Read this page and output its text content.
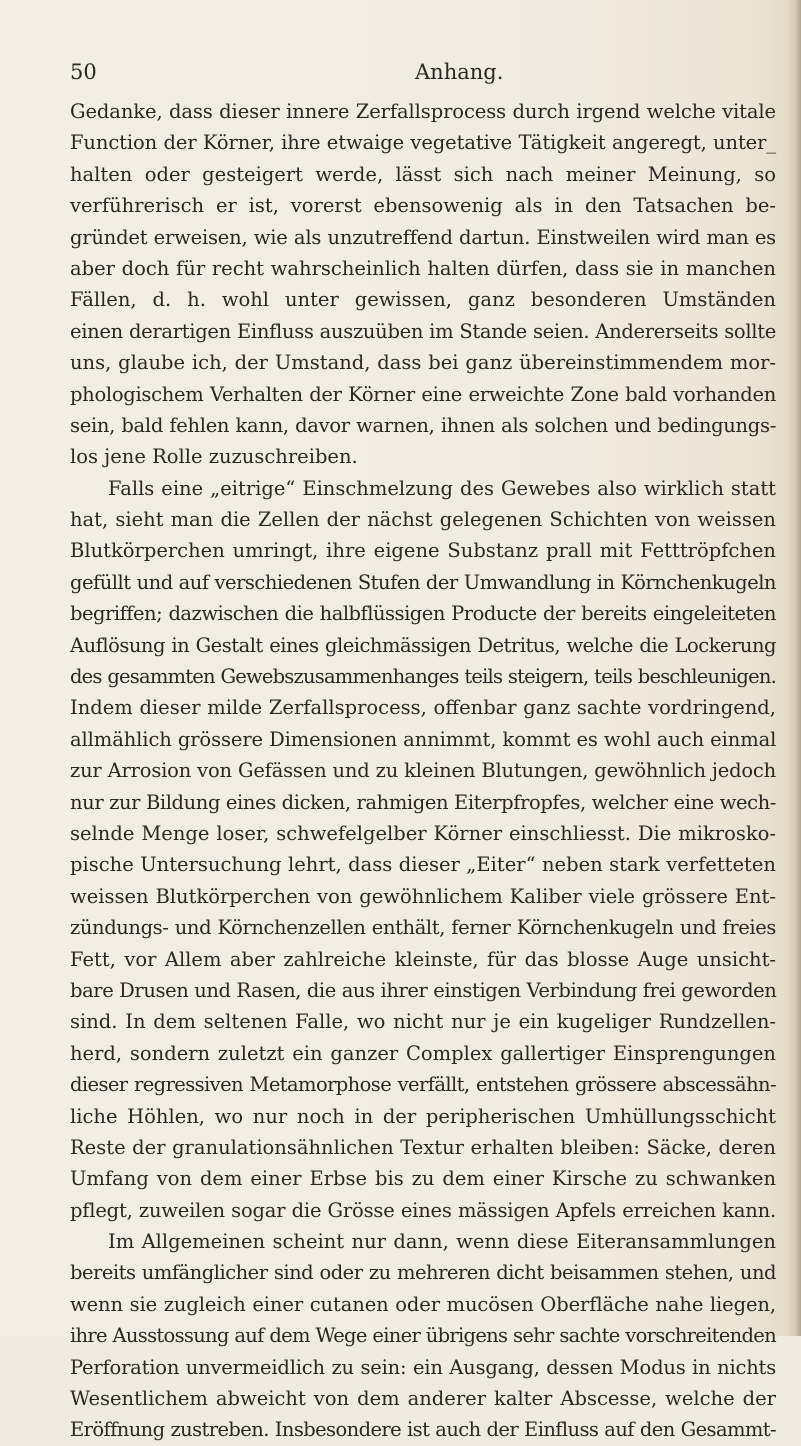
50	Anhang.
Gedanke, dass dieser innere Zerfallsprocess durch irgend welche vitale
Function der Körner, ihre etwaige vegetative Tätigkeit angeregt, unter_
halten oder gesteigert werde, lässt sich nach meiner Meinung, so
verführerisch er ist, vorerst ebensowenig als in den Tatsachen be-
gründet erweisen, wie als unzutreffend dartun. Einstweilen wird man es
aber doch für recht wahrscheinlich halten dürfen, dass sie in manchen
Fällen, d. h. wohl unter gewissen, ganz besonderen Umständen
einen derartigen Einfluss auszuüben im Stande seien. Andererseits sollte
uns, glaube ich, der Umstand, dass bei ganz übereinstimmendem mor-
phologischem Verhalten der Körner eine erweichte Zone bald vorhanden
sein, bald fehlen kann, davor warnen, ihnen als solchen und bedingungs-
los jene Rolle zuzuschreiben.
Falls eine „eitrige“ Einschmelzung des Gewebes also wirklich statt
hat, sieht man die Zellen der nächst gelegenen Schichten von weissen
Blutkörperchen umringt, ihre eigene Substanz prall mit Fetttröpfchen
gefüllt und auf verschiedenen Stufen der Umwandlung in Körnchenkugeln
begriffen; dazwischen die halbflüssigen Producte der bereits eingeleiteten
Auflösung in Gestalt eines gleichmässigen Detritus, welche die Lockerung
des gesammten Gewebszusammenhanges teils steigern, teils beschleunigen.
Indem dieser milde Zerfallsprocess, offenbar ganz sachte vordringend,
allmählich grössere Dimensionen annimmt, kommt es wohl auch einmal
zur Arrosion von Gefässen und zu kleinen Blutungen, gewöhnlich jedoch
nur zur Bildung eines dicken, rahmigen Eiterpfropfes, welcher eine wech-
selnde Menge loser, schwefelgelber Körner einschliesst. Die mikrosko-
pische Untersuchung lehrt, dass dieser „Eiter“ neben stark verfetteten
weissen Blutkörperchen von gewöhnlichem Kaliber viele grössere Ent-
zündungs- und Körnchenzellen enthält, ferner Körnchenkugeln und freies
Fett, vor Allem aber zahlreiche kleinste, für das blosse Auge unsicht-
bare Drusen und Rasen, die aus ihrer einstigen Verbindung frei geworden
sind. In dem seltenen Falle, wo nicht nur je ein kugeliger Rundzellen-
herd, sondern zuletzt ein ganzer Complex gallertiger Einsprengungen
dieser regressiven Metamorphose verfällt, entstehen grössere abscessähn-
liche Höhlen, wo nur noch in der peripherischen Umhüllungsschicht
Reste der granulationsähnlichen Textur erhalten bleiben: Säcke, deren
Umfang von dem einer Erbse bis zu dem einer Kirsche zu schwanken
pflegt, zuweilen sogar die Grösse eines mässigen Apfels erreichen kann.
Im Allgemeinen scheint nur dann, wenn diese Eiteransammlungen
bereits umfänglicher sind oder zu mehreren dicht beisammen stehen, und
wenn sie zugleich einer cutanen oder mucösen Oberfläche nahe liegen,
ihre Ausstossung auf dem Wege einer übrigens sehr sachte vorschreitenden
Perforation unvermeidlich zu sein: ein Ausgang, dessen Modus in nichts
Wesentlichem abweicht von dem anderer kalter Abscesse, welche der
Eröffnung zustreben. Insbesondere ist auch der Einfluss auf den Gesammt-
